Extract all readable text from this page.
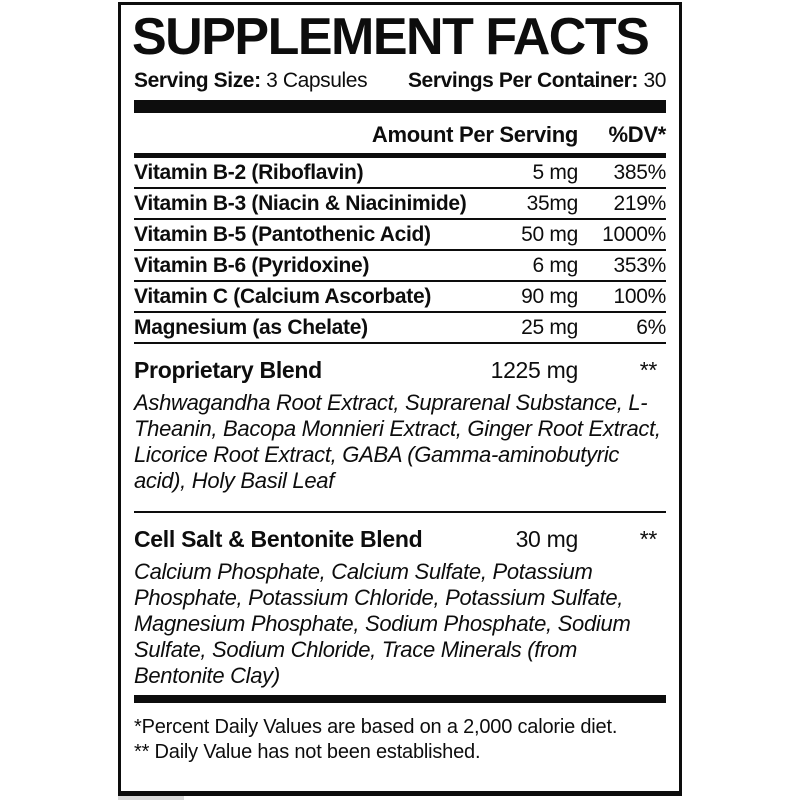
SUPPLEMENT FACTS
Serving Size: 3 Capsules Servings Per Container: 30
Amount Per Serving	%DV*
Vitamin B-2 (Riboflavin)	5 mg	385%
Vitamin B-3 (Niacin & Niacinimide)	35mg	219%
Vitamin B-5 (Pantothenic Acid)	50 mg	1000%
Vitamin B-6 (Pyridoxine)	6 mg	353%
Vitamin C (Calcium Ascorbate)	90 mg	100%
Magnesium (as Chelate)	25 mg	6%
Proprietary Blend	1225 mg	**

Ashwagandha Root Extract, Suprarenal Substance, L-Theanin, Bacopa Monnieri Extract, Ginger Root Extract, Licorice Root Extract, GABA (Gamma-aminobutyric acid), Holy Basil Leaf

Cell Salt & Bentonite Blend	30 mg	**

Calcium Phosphate, Calcium Sulfate, Potassium Phosphate, Potassium Chloride, Potassium Sulfate, Magnesium Phosphate, Sodium Phosphate, Sodium Sulfate, Sodium Chloride, Trace Minerals (from Bentonite Clay)

*Percent Daily Values are based on a 2,000 calorie diet.
** Daily Value has not been established.
